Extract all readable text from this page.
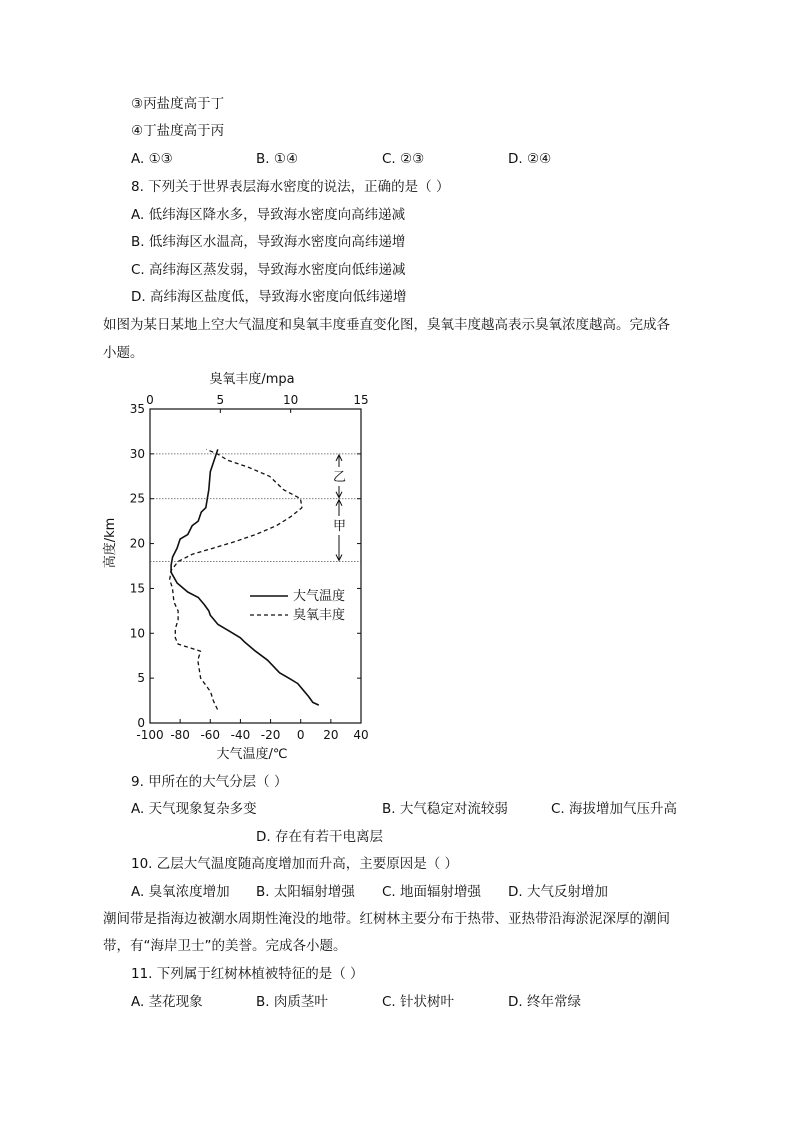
③丙盐度高于丁
④丁盐度高于丙
A. ①③	B. ①④	C. ②③	D. ②④
8. 下列关于世界表层海水密度的说法，正确的是（ ）
A. 低纬海区降水多，导致海水密度向高纬递减
B. 低纬海区水温高，导致海水密度向高纬递增
C. 高纬海区蒸发弱，导致海水密度向低纬递减
D. 高纬海区盐度低，导致海水密度向低纬递增
如图为某日某地上空大气温度和臭氧丰度垂直变化图，臭氧丰度越高表示臭氧浓度越高。完成各
小题。
0
5
10
15
20
25
30
35
-100 -80 -60 -40 -20 0 20 40
0	5	10	15
臭氧丰度/mpa
大气温度/℃
高度/km
大气温度
臭氧丰度
乙
甲
9. 甲所在的大气分层（ ）
A. 天气现象复杂多变	B. 大气稳定对流较弱	C. 海拔增加气压升高
D. 存在有若干电离层
10. 乙层大气温度随高度增加而升高，主要原因是（ ）
A. 臭氧浓度增加 B. 太阳辐射增强 C. 地面辐射增强 D. 大气反射增加
潮间带是指海边被潮水周期性淹没的地带。红树林主要分布于热带、亚热带沿海淤泥深厚的潮间
带，有“海岸卫士”的美誉。完成各小题。
11. 下列属于红树林植被特征的是（ ）
A. 茎花现象	B. 肉质茎叶	C. 针状树叶	D. 终年常绿
